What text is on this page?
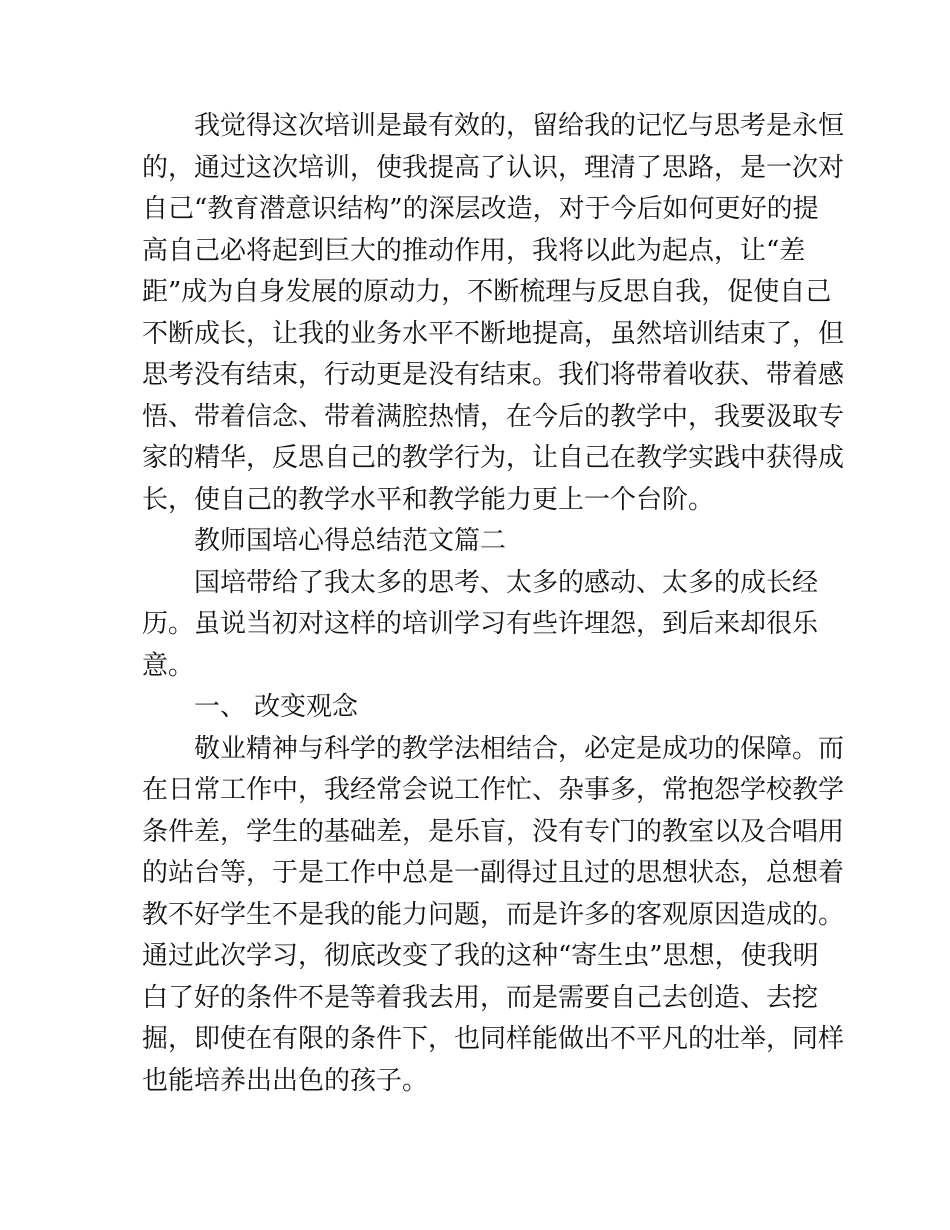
我觉得这次培训是最有效的，留给我的记忆与思考是永恒
的，通过这次培训，使我提高了认识，理清了思路，是一次对
自己“教育潜意识结构”的深层改造，对于今后如何更好的提
高自己必将起到巨大的推动作用，我将以此为起点，让“差
距”成为自身发展的原动力，不断梳理与反思自我，促使自己
不断成长，让我的业务水平不断地提高，虽然培训结束了，但
思考没有结束，行动更是没有结束。我们将带着收获、带着感
悟、带着信念、带着满腔热情，在今后的教学中，我要汲取专
家的精华，反思自己的教学行为，让自己在教学实践中获得成
长，使自己的教学水平和教学能力更上一个台阶。
教师国培心得总结范文篇二
国培带给了我太多的思考、太多的感动、太多的成长经
历。虽说当初对这样的培训学习有些许埋怨，到后来却很乐
意。
一、 改变观念
敬业精神与科学的教学法相结合，必定是成功的保障。而
在日常工作中，我经常会说工作忙、杂事多，常抱怨学校教学
条件差，学生的基础差，是乐盲，没有专门的教室以及合唱用
的站台等，于是工作中总是一副得过且过的思想状态，总想着
教不好学生不是我的能力问题，而是许多的客观原因造成的。
通过此次学习，彻底改变了我的这种“寄生虫”思想，使我明
白了好的条件不是等着我去用，而是需要自己去创造、去挖
掘，即使在有限的条件下，也同样能做出不平凡的壮举，同样
也能培养出出色的孩子。
